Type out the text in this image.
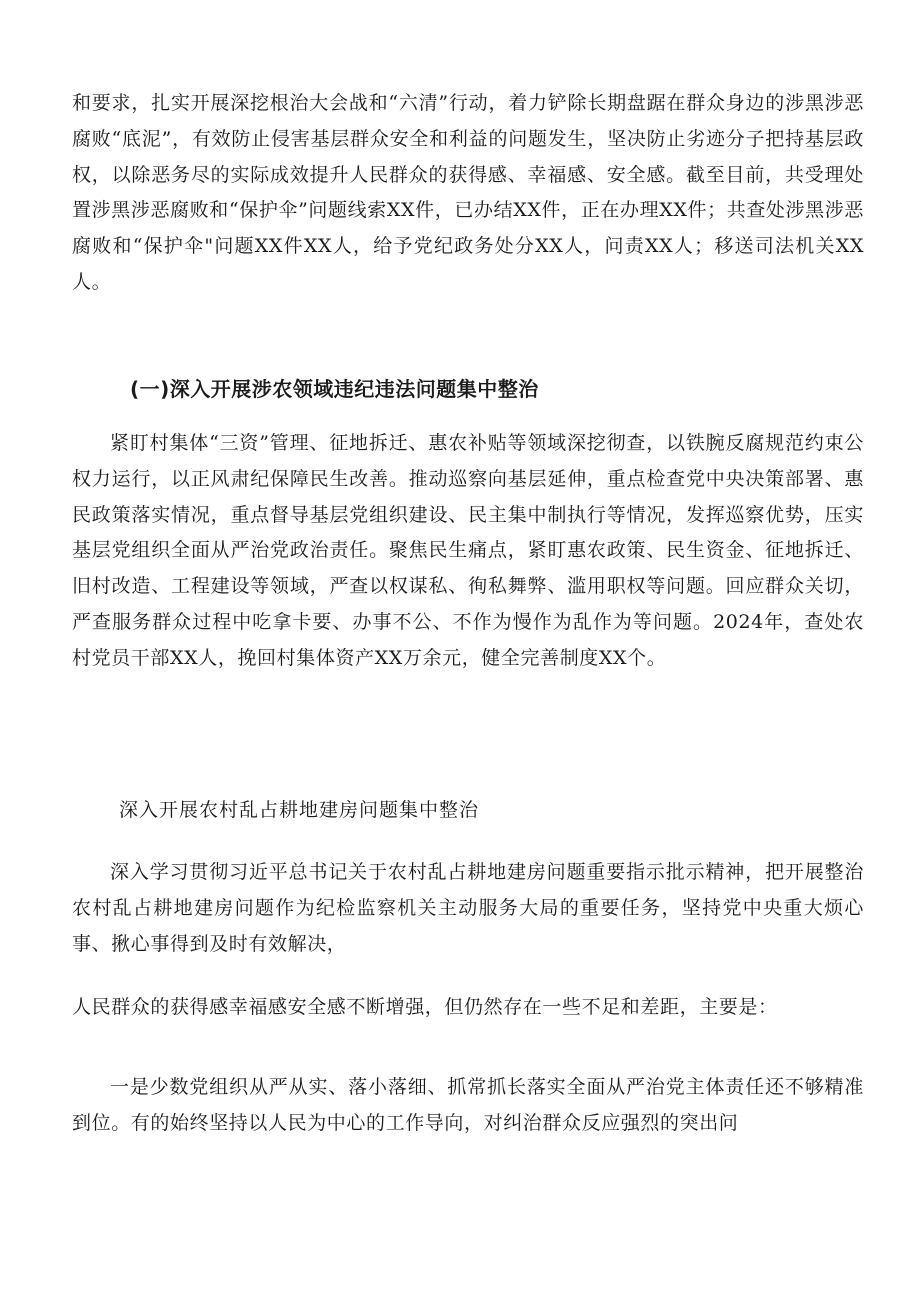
和要求，扎实开展深挖根治大会战和“六清”行动，着力铲除长期盘踞在群众身边的涉黑涉恶腐败“底泥”，有效防止侵害基层群众安全和利益的问题发生，坚决防止劣迹分子把持基层政权，以除恶务尽的实际成效提升人民群众的获得感、幸福感、安全感。截至目前，共受理处置涉黑涉恶腐败和“保护伞”问题线索XX件，已办结XX件，正在办理XX件；共查处涉黑涉恶腐败和“保护伞"问题XX件XX人，给予党纪政务处分XX人，问责XX人；移送司法机关XX人。

(一)深入开展涉农领域违纪违法问题集中整治

紧盯村集体“三资”管理、征地拆迁、惠农补贴等领域深挖彻查，以铁腕反腐规范约束公权力运行，以正风肃纪保障民生改善。推动巡察向基层延伸，重点检查党中央决策部署、惠民政策落实情况，重点督导基层党组织建设、民主集中制执行等情况，发挥巡察优势，压实基层党组织全面从严治党政治责任。聚焦民生痛点，紧盯惠农政策、民生资金、征地拆迁、旧村改造、工程建设等领域，严查以权谋私、徇私舞弊、滥用职权等问题。回应群众关切，严查服务群众过程中吃拿卡要、办事不公、不作为慢作为乱作为等问题。2024年，查处农村党员干部XX人，挽回村集体资产XX万余元，健全完善制度XX个。

深入开展农村乱占耕地建房问题集中整治

深入学习贯彻习近平总书记关于农村乱占耕地建房问题重要指示批示精神，把开展整治农村乱占耕地建房问题作为纪检监察机关主动服务大局的重要任务，坚持党中央重大烦心事、揪心事得到及时有效解决，

人民群众的获得感幸福感安全感不断增强，但仍然存在一些不足和差距，主要是：

一是少数党组织从严从实、落小落细、抓常抓长落实全面从严治党主体责任还不够精准到位。有的始终坚持以人民为中心的工作导向，对纠治群众反应强烈的突出问
